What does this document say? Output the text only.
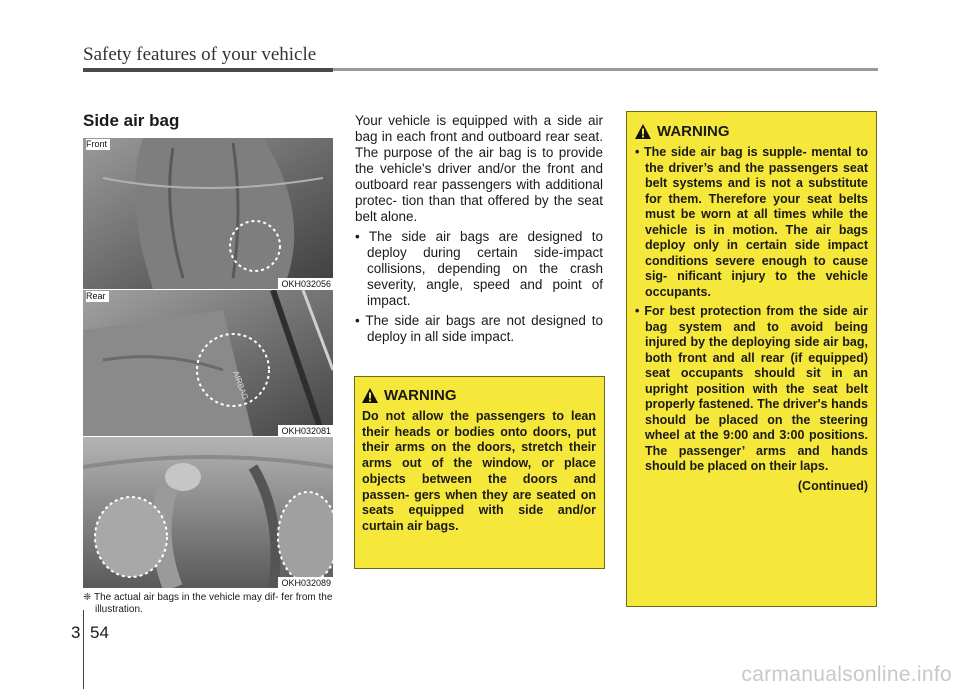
Safety features of your vehicle
Side air bag
Front
OKH032056
AIRBAG
Rear
OKH032081
OKH032089
❈ The actual air bags in the vehicle may dif- fer from the illustration.

Your vehicle is equipped with a side air bag in each front and outboard rear seat. The purpose of the air bag is to provide the vehicle's driver and/or the front and outboard rear passengers with additional protec- tion than that offered by the seat belt alone.

• The side air bags are designed to deploy during certain side-impact collisions, depending on the crash severity, angle, speed and point of impact.
• The side air bags are not designed to deploy in all side impact.
WARNING
Do not allow the passengers to lean their heads or bodies onto doors, put their arms on the doors, stretch their arms out of the window, or place objects between the doors and passen- gers when they are seated on seats equipped with side and/or curtain air bags.
WARNING
• The side air bag is supple- mental to the driver’s and the passengers seat belt systems and is not a substitute for them. Therefore your seat belts must be worn at all times while the vehicle is in motion. The air bags deploy only in certain side impact conditions severe enough to cause sig- nificant injury to the vehicle occupants.
• For best protection from the side air bag system and to avoid being injured by the deploying side air bag, both front and all rear (if equipped) seat occupants should sit in an upright position with the seat belt properly fastened. The driver's hands should be placed on the steering wheel at the 9:00 and 3:00 positions. The passenger’ arms and hands should be placed on their laps.
(Continued)
3 54
carmanualsonline.info
